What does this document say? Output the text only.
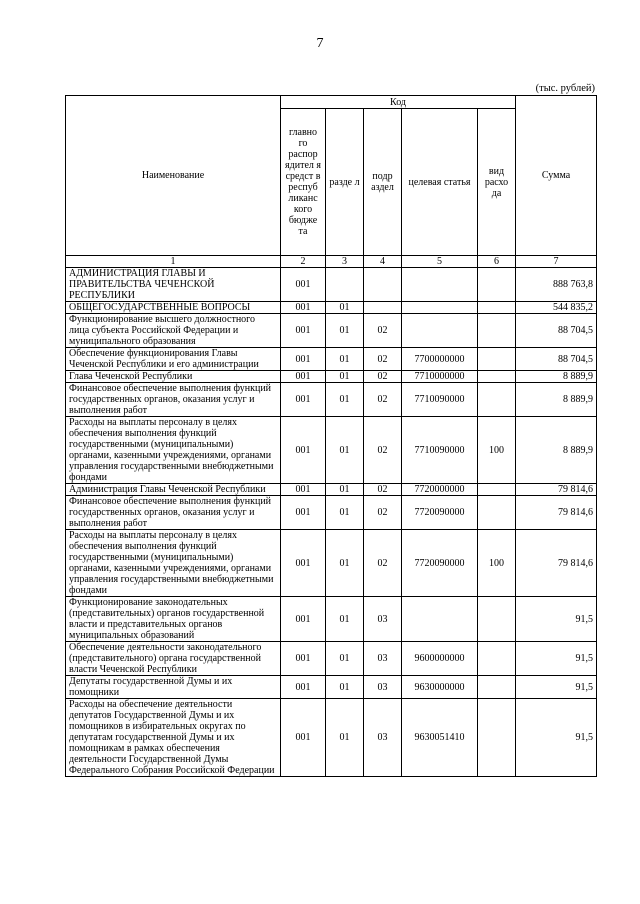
7
(тыс. рублей)
Наименование	Код					Сумма
	главно го распор ядител я средст в респуб ликанс кого бюдже та	разде л	подр аздел	целевая статья	вид расхо да	
1	2	3	4	5	6	7
АДМИНИСТРАЦИЯ ГЛАВЫ И ПРАВИТЕЛЬСТВА ЧЕЧЕНСКОЙ РЕСПУБЛИКИ	001					888 763,8
ОБЩЕГОСУДАРСТВЕННЫЕ ВОПРОСЫ	001	01				544 835,2
Функционирование высшего должностного лица субъекта Российской Федерации и муниципального образования	001	01	02			88 704,5
Обеспечение функционирования Главы Чеченской Республики и его администрации	001	01	02	7700000000		88 704,5
Глава Чеченской Республики	001	01	02	7710000000		8 889,9
Финансовое обеспечение выполнения функций государственных органов, оказания услуг и выполнения работ	001	01	02	7710090000		8 889,9
Расходы на выплаты персоналу в целях обеспечения выполнения функций государственными (муниципальными) органами, казенными учреждениями, органами управления государственными внебюджетными фондами	001	01	02	7710090000	100	8 889,9
Администрация Главы Чеченской Республики	001	01	02	7720000000		79 814,6
Финансовое обеспечение выполнения функций государственных органов, оказания услуг и выполнения работ	001	01	02	7720090000		79 814,6
Расходы на выплаты персоналу в целях обеспечения выполнения функций государственными (муниципальными) органами, казенными учреждениями, органами управления государственными внебюджетными фондами	001	01	02	7720090000	100	79 814,6
Функционирование законодательных (представительных) органов государственной власти и представительных органов муниципальных образований	001	01	03			91,5
Обеспечение деятельности законодательного (представительного) органа государственной власти Чеченской Республики	001	01	03	9600000000		91,5
Депутаты государственной Думы и их помощники	001	01	03	9630000000		91,5
Расходы на обеспечение деятельности депутатов Государственной Думы и их помощников в избирательных округах по депутатам государственной Думы и их помощникам в рамках обеспечения деятельности Государственной Думы Федерального Собрания Российской Федерации	001	01	03	9630051410		91,5
